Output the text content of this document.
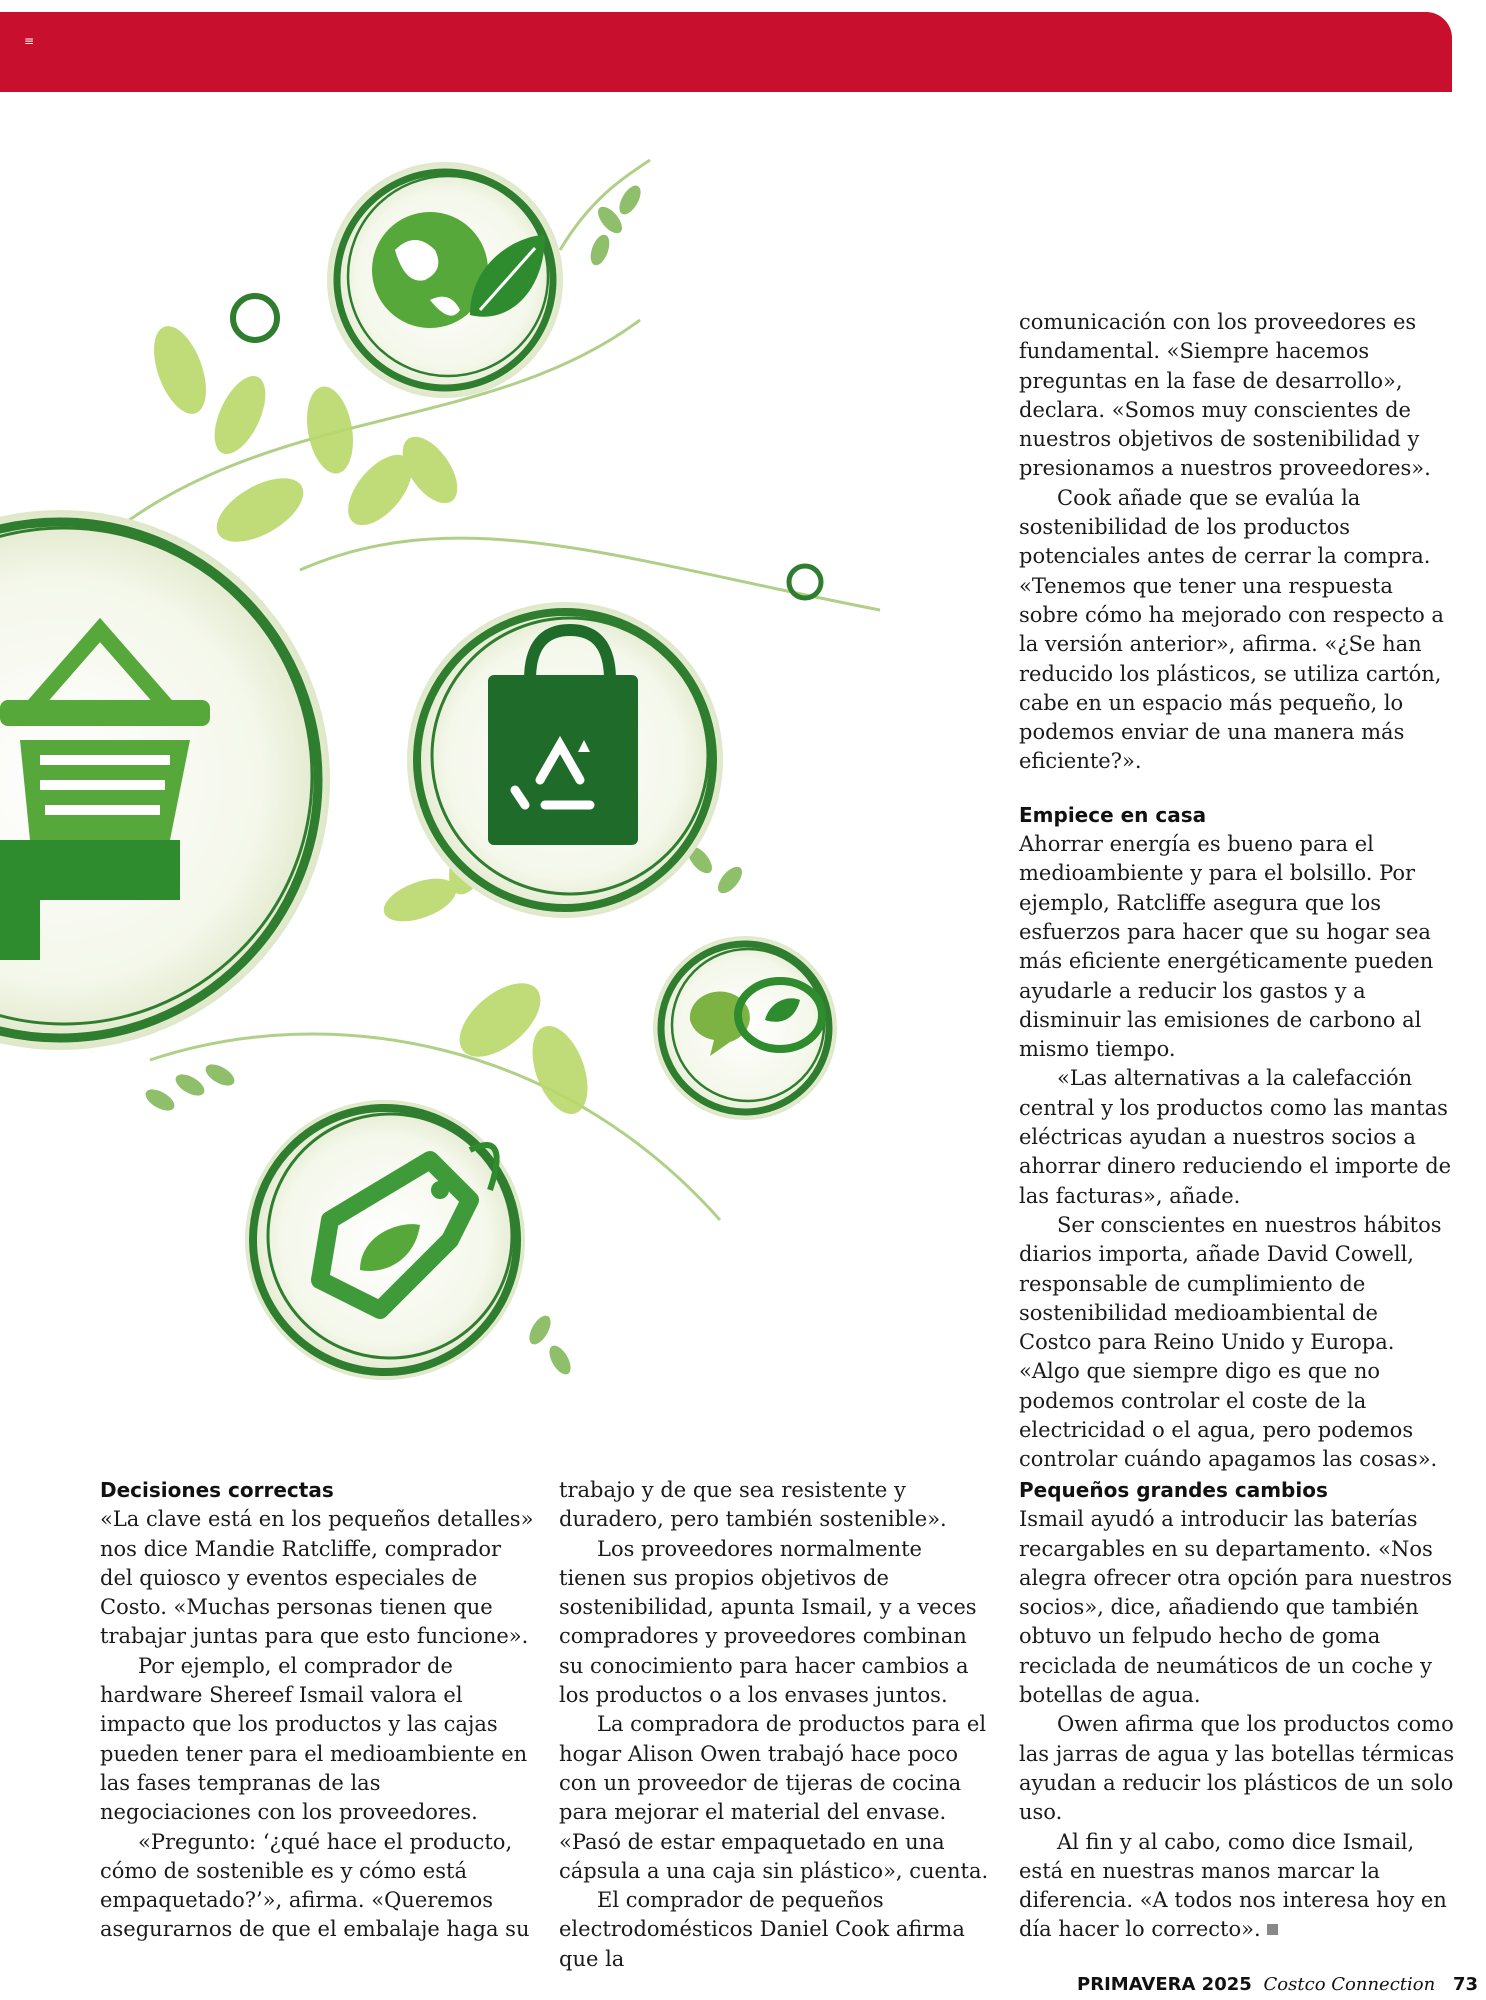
≡

comunicación con los proveedores es fundamental. «Siempre hacemos preguntas en la fase de desarrollo», declara. «Somos muy conscientes de nuestros objetivos de sostenibilidad y presionamos a nuestros proveedores».

Cook añade que se evalúa la sostenibilidad de los productos potenciales antes de cerrar la compra. «Tenemos que tener una respuesta sobre cómo ha mejorado con respecto a la versión anterior», afirma. «¿Se han reducido los plásticos, se utiliza cartón, cabe en un espacio más pequeño, lo podemos enviar de una manera más eficiente?».

Empiece en casa

Ahorrar energía es bueno para el medioambiente y para el bolsillo. Por ejemplo, Ratcliffe asegura que los esfuerzos para hacer que su hogar sea más eficiente energéticamente pueden ayudarle a reducir los gastos y a disminuir las emisiones de carbono al mismo tiempo.

«Las alternativas a la calefacción central y los productos como las mantas eléctricas ayudan a nuestros socios a ahorrar dinero reduciendo el importe de las facturas», añade.

Ser conscientes en nuestros hábitos diarios importa, añade David Cowell, responsable de cumplimiento de sostenibilidad medioambiental de Costco para Reino Unido y Europa. «Algo que siempre digo es que no podemos controlar el coste de la electricidad o el agua, pero podemos controlar cuándo apagamos las cosas».

Decisiones correctas

«La clave está en los pequeños detalles» nos dice Mandie Ratcliffe, comprador del quiosco y eventos especiales de Costo. «Muchas personas tienen que trabajar juntas para que esto funcione».

Por ejemplo, el comprador de hardware Shereef Ismail valora el impacto que los productos y las cajas pueden tener para el medioambiente en las fases tempranas de las negociaciones con los proveedores.

«Pregunto: ‘¿qué hace el producto, cómo de sostenible es y cómo está empaquetado?’», afirma. «Queremos asegurarnos de que el embalaje haga su

trabajo y de que sea resistente y duradero, pero también sostenible».

Los proveedores normalmente tienen sus propios objetivos de sostenibilidad, apunta Ismail, y a veces compradores y proveedores combinan su conocimiento para hacer cambios a los productos o a los envases juntos.

La compradora de productos para el hogar Alison Owen trabajó hace poco con un proveedor de tijeras de cocina para mejorar el material del envase. «Pasó de estar empaquetado en una cápsula a una caja sin plástico», cuenta.

El comprador de pequeños electrodomésticos Daniel Cook afirma que la

Pequeños grandes cambios

Ismail ayudó a introducir las baterías recargables en su departamento. «Nos alegra ofrecer otra opción para nuestros socios», dice, añadiendo que también obtuvo un felpudo hecho de goma reciclada de neumáticos de un coche y botellas de agua.

Owen afirma que los productos como las jarras de agua y las botellas térmicas ayudan a reducir los plásticos de un solo uso.

Al fin y al cabo, como dice Ismail, está en nuestras manos marcar la diferencia. «A todos nos interesa hoy en día hacer lo correcto».

PRIMAVERA 2025 Costco Connection 73
